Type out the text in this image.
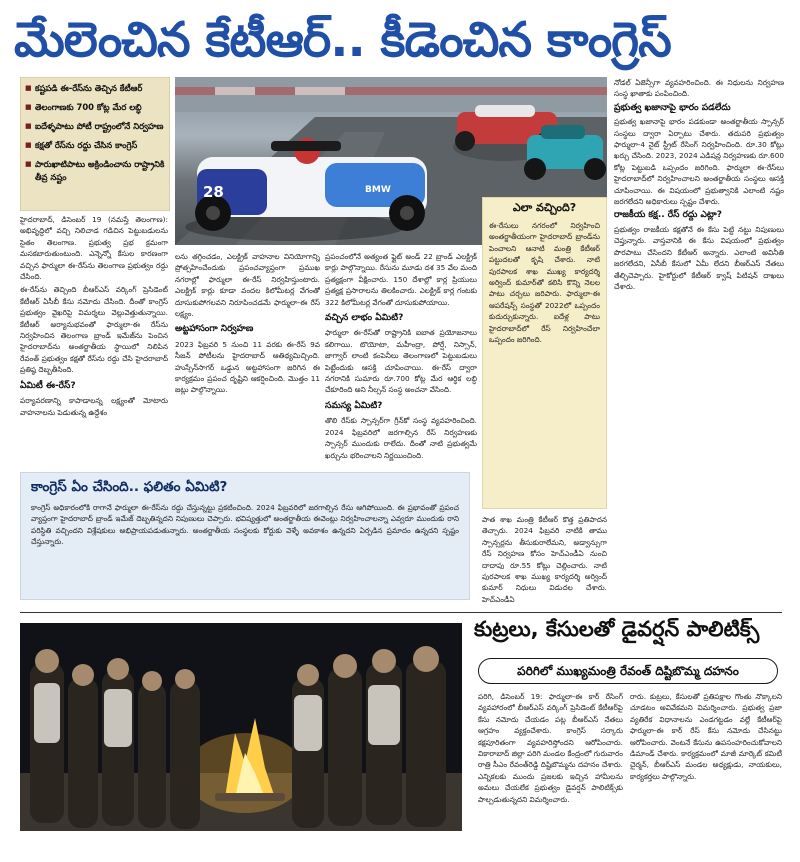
మేలెంచిన కేటీఆర్.. కీడెంచిన కాంగ్రెస్
■ కష్టపడి ఈ-రేస్‌ను తెచ్చిన కేటీఆర్
■ తెలంగాణకు 700 కోట్ల మేర లబ్ధి
■ ఐదేళ్ళపాటు పోటీ రాష్ట్రంలోనే నిర్వహణ
■ కక్షతో రేస్‌ను రద్దు చేసిన కాంగ్రెస్
■ పారుఖాటిపాటు అక్రిండించాను రాష్ట్రానికి తీవ్ర నష్టం
28	BMW

హైదరాబాద్, డిసెంబర్ 19 (నమస్తే తెలంగాణ): అభివృద్ధిలో వచ్చి నిలిచాడ గడిచిన పెట్టుబడులను సైతం తెలంగాణ. ప్రభుత్వ ప్రభ క్రమంగా మసకబారుతుంటుంది. ఎన్నెన్నో కేసుల కారణంగా వచ్చిన ఫార్ములా ఈ-రేస్‌ను తెలంగాణ ప్రభుత్వం రద్దు చేసింది.

ఈ-రేస్‌ను తెచ్చింది బీఆర్‌ఎస్ వర్కింగ్ ప్రెసిడెంట్ కేటీఆర్ ఏసీబీ కేసు నమోదు చేసింది. దీంతో కాంగ్రెస్ ప్రభుత్వం వైఖరిపై విమర్శలు వెల్లువెత్తుతున్నాయి. కేటీఆర్ అర్యానుభవంతో ఫార్ములా-ఈ రేస్‌ను నిర్వహించిన తెలంగాణ బ్రాండ్ ఇమేజ్‌ను పెంచిన హైదరాబాద్‌ను అంతర్జాతీయ స్థాయిలో నిలిపిన రేవంత్ ప్రభుత్వం కక్షతో రేస్‌ను రద్దు చేసి హైదరాబాద్ ప్రతిష్ఠ దెబ్బతీసింది.

ఏమిటీ ఈ-రేస్?

పర్యావరణాన్ని కాపాడాలన్న లక్ష్యంతో మోటారు వాహనాలను పెడుతున్న ఉద్దేశం

లను తగ్గించడం, ఎలక్ట్రిక్ వాహనాల వినియోగాన్ని ప్రోత్సహించేందుకు ప్రపంచవ్యాప్తంగా ప్రముఖ నగరాల్లో ఫార్ములా ఈ-రేస్ నిర్వహిస్తుంటారు. ఎలక్ట్రిక్ కార్లు కూడా వందల కిలోమీటర్ల వేగంతో దూసుకుపోగలవని నిరూపించడమే ఫార్ములా-ఈ రేస్ లక్ష్యం.

అట్టహాసంగా నిర్వహణ

2023 ఫిబ్రవరి 5 నుంచి 11 వరకు ఈ-రేస్ 9వ సీజన్ పోటీలను హైదరాబాద్ ఆతిథ్యమిచ్చింది. హుస్సేన్‌సాగర్ ఒడ్డున అట్టహాసంగా జరిగిన ఈ కార్యక్రమం ప్రపంచ దృష్టిని ఆకర్షించింది. మొత్తం 11 జట్లు పాల్గొన్నాయి.

ప్రపంచంలోనే అత్యంత ఫ్లైట్ అండ్ 22 బ్రాండ్ ఎలక్ట్రిక్ కార్లు పాల్గొన్నాయి. రేసును మూడు దశ 35 వేల మంది ప్రత్యక్షంగా వీక్షించారు. 150 దేశాల్లో కార్ల ప్రియులు ప్రత్యక్ష ప్రసారాలను తిలకించారు. ఎలక్ట్రిక్ కార్ల గంటకు 322 కిలోమీటర్ల వేగంతో దూసుకుపోయాయి.

వచ్చిన లాభం ఏమిటి?

ఫార్ములా ఈ-రేస్‌తో రాష్ట్రానికి ఐబాత ప్రయోజనాలు కలిగాయి. టొయోటా, మహీంద్రా, పోర్షే, నిస్సాన్, జాగ్వార్ లాంటి కంపెనీలు తెలంగాణలో పెట్టుబడులు పెట్టేందుకు ఆసక్తి చూపించాయి. ఈ-రేస్ ద్వారా నగరానికి సుమారు రూ.700 కోట్ల మేర ఆర్థిక లబ్ధి చేకూరింది అని నీల్సన్ సంస్థ అంచనా వేసింది.

సమస్య ఏమిటి?

తొలి రేస్‌కు స్పాన్సర్‌గా గ్రీన్‌కో సంస్థ వ్యవహరించింది. 2024 ఫిబ్రవరిలో జరగాల్సిన రేస్ నిర్వహణకు స్పాన్సర్ ముందుకు రాలేదు. దీంతో నాటి ప్రభుత్వమే ఖర్చును భరించాలని నిర్ణయించింది.

ఎలా వచ్చింది?
ఈ-రేసులు నగరంలో నిర్వహించి అంతర్జాతీయంగా హైదరాబాద్ బ్రాండ్‌ను పెంచాలని ఆనాటి మంత్రి కేటీఆర్ పట్టుదలతో కృషి చేశారు. నాటి పురపాలక శాఖ ముఖ్య కార్యదర్శి అర్వింద్ కుమార్‌తో కలిసి కొన్ని నెలల పాటు చర్చలు జరిపారు. ఫార్ములా-ఈ ఆపరేషన్స్ సంస్థతో 2022లో ఒప్పందం కుదుర్చుకున్నారు. ఐదేళ్ల పాటు హైదరాబాద్‌లో రేస్ నిర్వహించేలా ఒప్పందం జరిగింది.

నోడల్ ఏజెన్సీగా వ్యవహరించింది. ఈ నిధులను నిర్వహణ సంస్థ ఖాతాకు పంపించింది.

ప్రభుత్వ ఖజానాపై భారం పడలేదు

ప్రభుత్వ ఖజానాపై భారం పడకుండా అంతర్జాతీయ స్పాన్సర్ సంస్థలు ద్వారా ఏర్పాటు చేశారు. తదుపరి ప్రభుత్వం ఫార్ములా-4 నైట్ స్ట్రీట్ రేసింగ్ నిర్వహించింది. రూ.30 కోట్లు ఖర్చు చేసింది. 2023, 2024 ఎడిషన్ల నిర్వహణకు రూ.600 కోట్ల పెట్టుబడి ఒప్పందం జరిగింది. ఫార్ములా ఈ-రేస్‌లు హైదరాబాద్‌లో నిర్వహించాలని అంతర్జాతీయ సంస్థలు ఆసక్తి చూపించాయి. ఈ విషయంలో ప్రభుత్వానికి ఎలాంటి నష్టం జరగలేదని అధికారులు స్పష్టం చేశారు.

రాజకీయ కక్ష.. రేస్ రద్దు ఎట్లా?

ప్రభుత్వం రాజకీయ కక్షతోనే ఈ కేసు పెట్టి నట్టు నిపుణులు చెప్తున్నారు. వాస్తవానికి ఈ కేసు విషయంలో ప్రభుత్వం పొరపాటు చేసిందని కేటీఆర్ అన్నారు. ఎలాంటి అవినీతి జరగలేదని, ఏసీబీ కేసులో ఏమీ లేదని బీఆర్‌ఎస్ నేతలు తేల్చిచెప్పారు. హైకోర్టులో కేటీఆర్ క్వాష్ పిటిషన్ దాఖలు చేశారు.

పాత శాఖ మంత్రి కేటీఆర్ కొత్త ప్రతిపాదన తెచ్చారు. 2024 ఫిబ్రవరి నాటికి తాము స్పాన్సర్లను తీసుకురాలేమని, అడ్వాన్సుగా రేస్ నిర్వహణ కోసం హెచ్‌ఎండీఏ నుంచి దాదాపు రూ.55 కోట్లు చెల్లించారు. నాటి పురపాలక శాఖ ముఖ్య కార్యదర్శి అర్వింద్ కుమార్ నిధులు విడుదల చేశారు. హెచ్‌ఎండీఏ

కాంగ్రెస్ ఏం చేసింది.. ఫలితం ఏమిటి?
కాంగ్రెస్ అధికారంలోకి రాగానే ఫార్ములా ఈ-రేస్‌ను రద్దు చేస్తున్నట్టు ప్రకటించింది. 2024 ఫిబ్రవరిలో జరగాల్సిన రేసు ఆగిపోయింది. ఈ ప్రభావంతో ప్రపంచ వ్యాప్తంగా హైదరాబాద్ బ్రాండ్ ఇమేజ్ దెబ్బతిన్నదని నిపుణులు చెప్పారు. భవిష్యత్తులో అంతర్జాతీయ ఈవెంట్లు నిర్వహించాలన్నా ఎవ్వరూ ముందుకు రాని పరిస్థితి వచ్చిందని విశ్లేషకులు అభిప్రాయపడుతున్నారు. అంతర్జాతీయ సంస్థలకు కోర్టుకు వెళ్ళే అవకాశం ఉన్నదని ఏర్పడిన ప్రమాదం ఉన్నదని స్పష్టం చేస్తున్నారు.
కుట్రలు, కేసులతో డైవర్షన్ పాలిటిక్స్
పరిగిలో ముఖ్యమంత్రి రేవంత్ దిష్టిబొమ్మ దహనం

పరిగి, డిసెంబర్ 19: ఫార్ములా-ఈ కార్ రేసింగ్ వ్యవహారంలో బీఆర్‌ఎస్ వర్కింగ్ ప్రెసిడెంట్ కేటీఆర్‌పై కేసు నమోదు చేయడం పట్ల బీఆర్‌ఎస్ నేతలు ఆగ్రహం వ్యక్తంచేశారు. కాంగ్రెస్ సర్కారు కక్షపూరితంగా వ్యవహరిస్తోందని ఆరోపించారు. వికారాబాద్ జిల్లా పరిగి మండల కేంద్రంలో గురువారం రాత్రి సీఎం రేవంత్‌రెడ్డి దిష్టిబొమ్మను దహనం చేశారు. ఎన్నికలకు ముందు ప్రజలకు ఇచ్చిన హామీలను అమలు చేయలేక ప్రభుత్వం డైవర్షన్ పాలిటిక్స్‌కు పాల్పడుతున్నదని విమర్శించారు.

రారు. కుట్రలు, కేసులతో ప్రతిపక్షాల గొంతు నొక్కాలని చూడటం అవివేకమని విమర్శించారు. ప్రభుత్వ ప్రజా వ్యతిరేక విధానాలను ఎండగట్టడం వల్లే కేటీఆర్‌పై ఫార్ములా-ఈ కార్ రేస్ కేసు నమోదు చేసినట్టు ఆరోపించారు. వెంటనే కేసును ఉపసంహరించుకోవాలని డిమాండ్ చేశారు. కార్యక్రమంలో మాజీ మార్కెట్ కమిటీ చైర్మన్, బీఆర్‌ఎస్ మండల అధ్యక్షుడు, నాయకులు, కార్యకర్తలు పాల్గొన్నారు.
